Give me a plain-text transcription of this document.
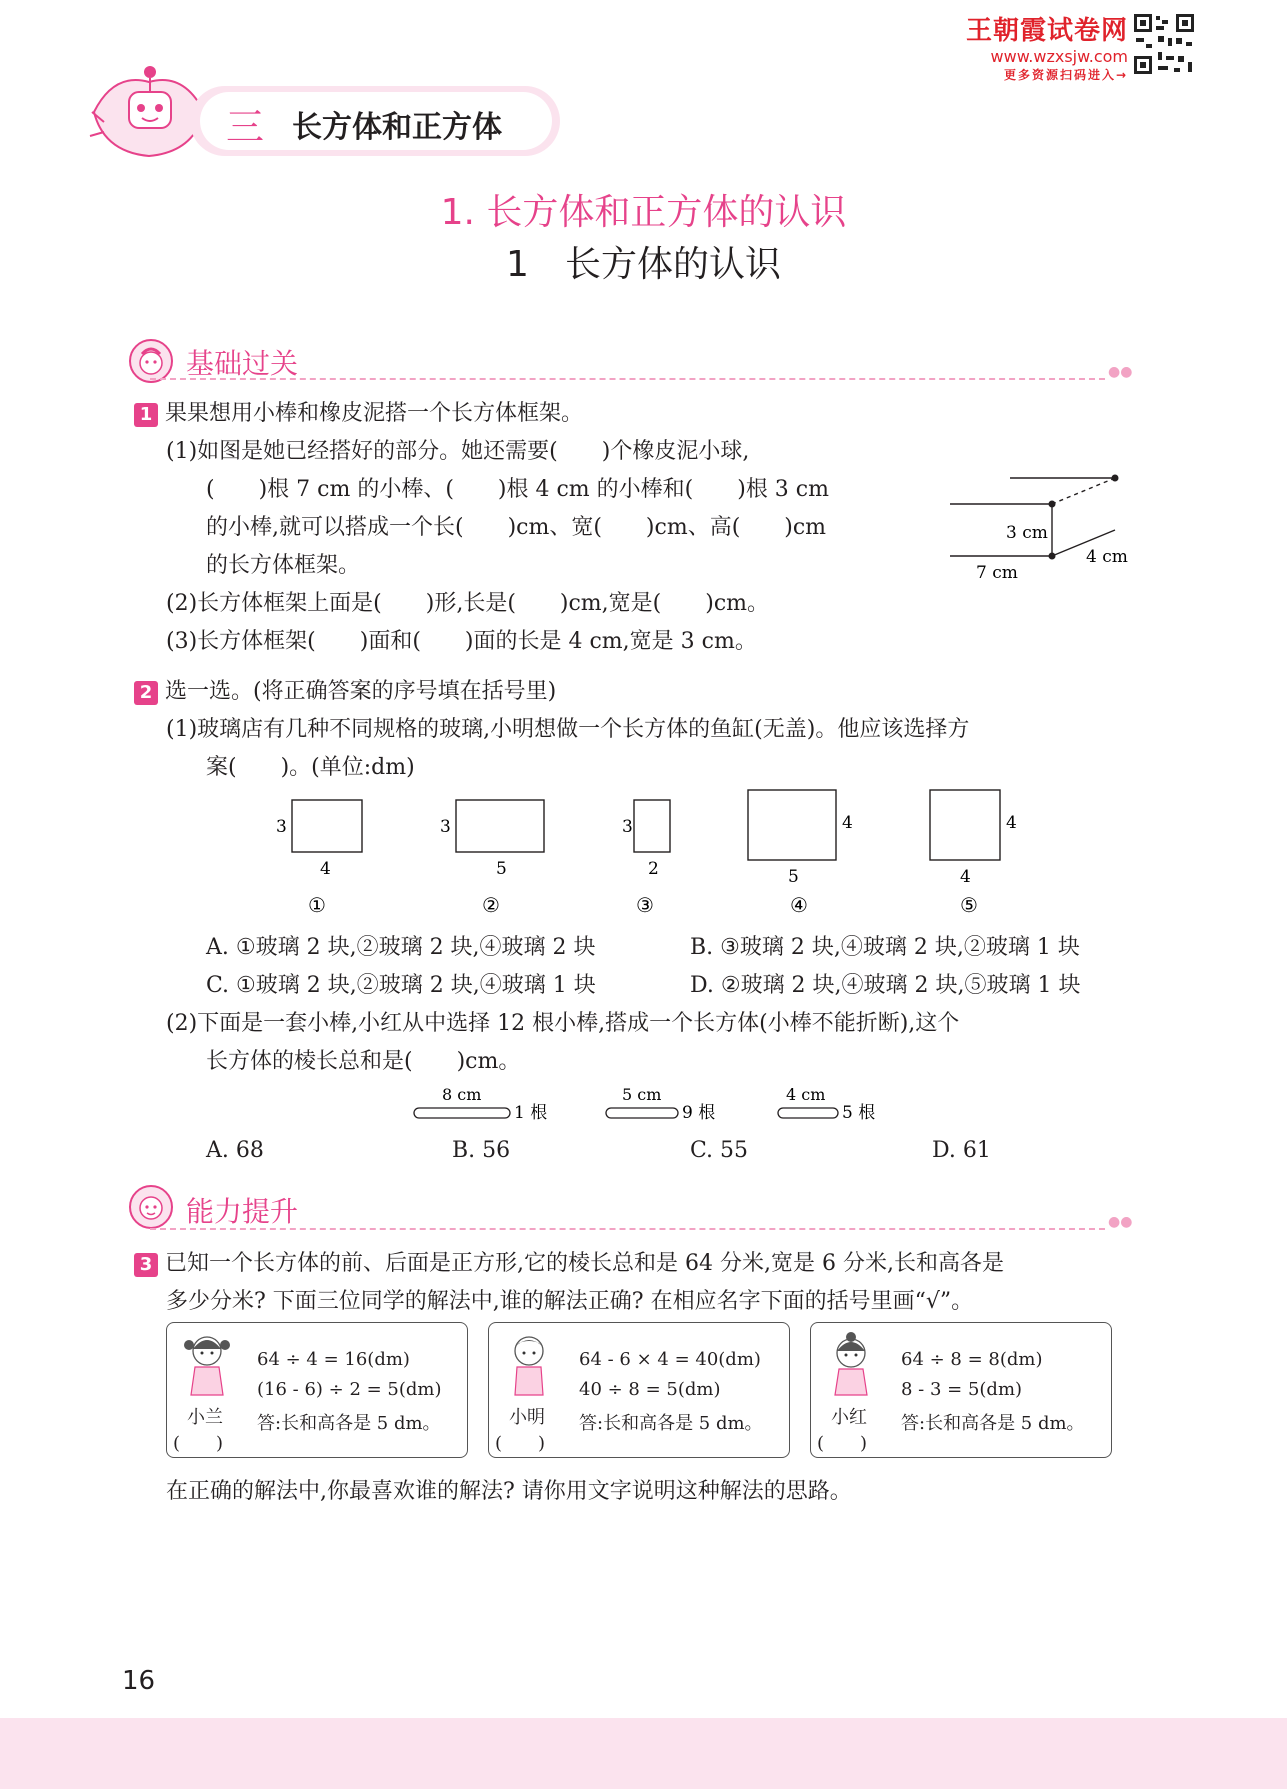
王朝霞试卷网
www.wzxsjw.com
更多资源扫码进入→
三 长方体和正方体
1. 长方体和正方体的认识
1　长方体的认识
基础过关	●●
1 果果想用小棒和橡皮泥搭一个长方体框架。
(1)如图是她已经搭好的部分。她还需要(　　)个橡皮泥小球,
(　　)根 7 cm 的小棒、(　　)根 4 cm 的小棒和(　　)根 3 cm
的小棒,就可以搭成一个长(　　)cm、宽(　　)cm、高(　　)cm
的长方体框架。
(2)长方体框架上面是(　　)形,长是(　　)cm,宽是(　　)cm。
(3)长方体框架(　　)面和(　　)面的长是 4 cm,宽是 3 cm。
3 cm
4 cm
7 cm
2 选一选。(将正确答案的序号填在括号里)
(1)玻璃店有几种不同规格的玻璃,小明想做一个长方体的鱼缸(无盖)。他应该选择方
案(　　)。(单位:dm)
3
4
①
3
5
②
3
2
③
4
5
④
4
4
⑤
A. ①玻璃 2 块,②玻璃 2 块,④玻璃 2 块	B. ③玻璃 2 块,④玻璃 2 块,②玻璃 1 块
C. ①玻璃 2 块,②玻璃 2 块,④玻璃 1 块	D. ②玻璃 2 块,④玻璃 2 块,⑤玻璃 1 块
(2)下面是一套小棒,小红从中选择 12 根小棒,搭成一个长方体(小棒不能折断),这个
长方体的棱长总和是(　　)cm。
8 cm
1 根
5 cm
9 根
4 cm
5 根
A. 68	B. 56	C. 55	D. 61
能力提升	●●
3 已知一个长方体的前、后面是正方形,它的棱长总和是 64 分米,宽是 6 分米,长和高各是
多少分米? 下面三位同学的解法中,谁的解法正确? 在相应名字下面的括号里画“√”。
小兰
(　　)
64 ÷ 4 = 16(dm)
(16 - 6) ÷ 2 = 5(dm)
答:长和高各是 5 dm。	小明
(　　)
64 - 6 × 4 = 40(dm)
40 ÷ 8 = 5(dm)
答:长和高各是 5 dm。	小红
(　　)
64 ÷ 8 = 8(dm)
8 - 3 = 5(dm)
答:长和高各是 5 dm。
在正确的解法中,你最喜欢谁的解法? 请你用文字说明这种解法的思路。
16
